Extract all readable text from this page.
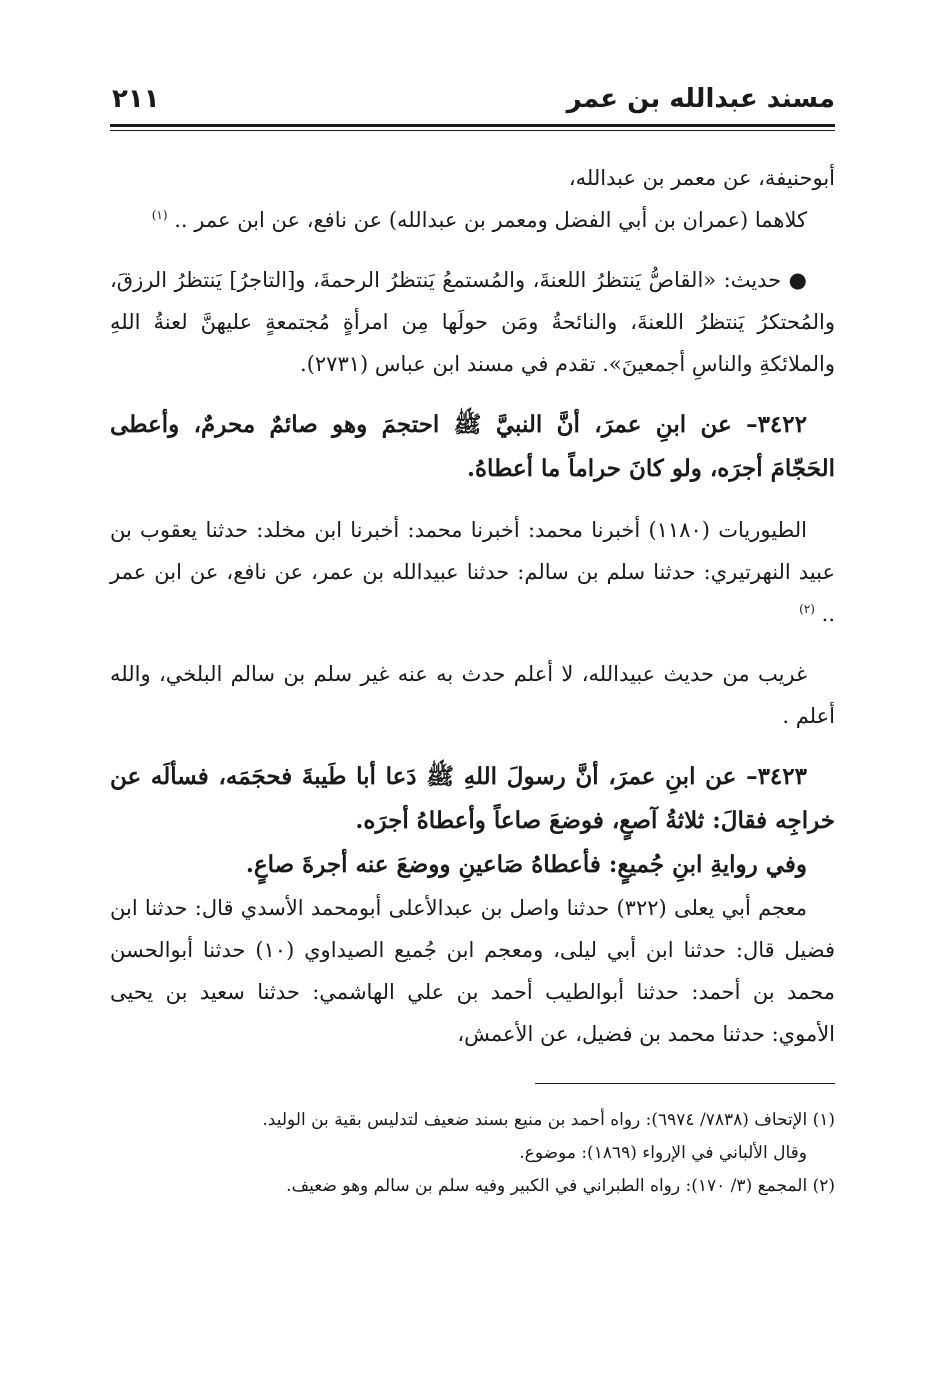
مسند عبدالله بن عمر
٢١١

أبوحنيفة، عن معمر بن عبدالله،

كلاهما (عمران بن أبي الفضل ومعمر بن عبدالله) عن نافع، عن ابن عمر .. $^{(١)}$

● حديث: «القاصُّ يَنتظرُ اللعنةَ، والمُستمعُ يَنتظرُ الرحمةَ، و[التاجرُ] يَنتظرُ الرزقَ، والمُحتكرُ يَنتظرُ اللعنةَ، والنائحةُ ومَن حولَها مِن امرأةٍ مُجتمعةٍ عليهنَّ لعنةُ اللهِ والملائكةِ والناسِ أجمعينَ». تقدم في مسند ابن عباس (٢٧٣١).

٣٤٢٢– عن ابنِ عمرَ، أنَّ النبيَّ ﷺ احتجمَ وهو صائمٌ محرمٌ، وأعطى الحَجّامَ أجرَه، ولو كانَ حراماً ما أعطاهُ.

الطيوريات (١١٨٠) أخبرنا محمد: أخبرنا محمد: أخبرنا ابن مخلد: حدثنا يعقوب بن عبيد النهرتيري: حدثنا سلم بن سالم: حدثنا عبيدالله بن عمر، عن نافع، عن ابن عمر .. $^{(٢)}$

غريب من حديث عبيدالله، لا أعلم حدث به عنه غير سلم بن سالم البلخي، والله أعلم .

٣٤٢٣– عن ابنِ عمرَ، أنَّ رسولَ اللهِ ﷺ دَعا أبا طَيبةَ فحجَمَه، فسألَه عن خراجِه فقالَ: ثلاثةُ آصعٍ، فوضعَ صاعاً وأعطاهُ أجرَه.

وفي روايةِ ابنِ جُميعٍ: فأعطاهُ صَاعينِ ووضعَ عنه أجرةَ صاعٍ.

معجم أبي يعلى (٣٢٢) حدثنا واصل بن عبدالأعلى أبومحمد الأسدي قال: حدثنا ابن فضيل قال: حدثنا ابن أبي ليلى، ومعجم ابن جُميع الصيداوي (١٠) حدثنا أبوالحسن محمد بن أحمد: حدثنا أبوالطيب أحمد بن علي الهاشمي: حدثنا سعيد بن يحيى الأموي: حدثنا محمد بن فضيل، عن الأعمش،

(١) الإتحاف (٧٨٣٨/ ٦٩٧٤): رواه أحمد بن منيع بسند ضعيف لتدليس بقية بن الوليد.

وقال الألباني في الإرواء (١٨٦٩): موضوع.

(٢) المجمع (٣/ ١٧٠): رواه الطبراني في الكبير وفيه سلم بن سالم وهو ضعيف.
